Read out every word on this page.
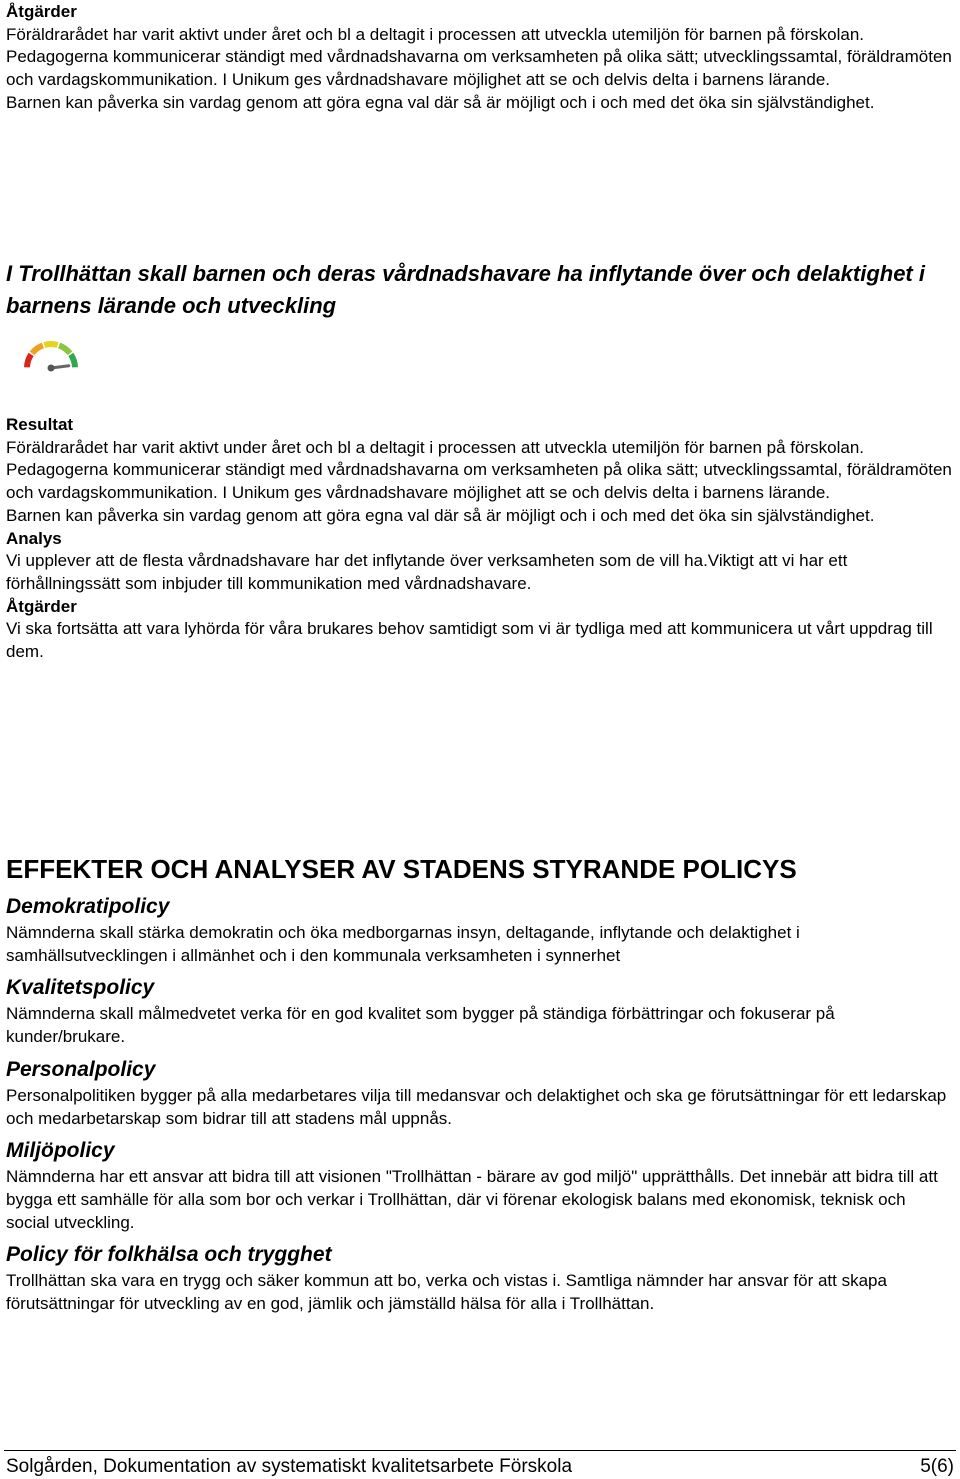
Åtgärder

Föräldrarådet har varit aktivt under året och bl a deltagit i processen att utveckla utemiljön för barnen på förskolan. Pedagogerna kommunicerar ständigt med vårdnadshavarna om verksamheten på olika sätt; utvecklingssamtal, föräldramöten och vardagskommunikation. I Unikum ges vårdnadshavare möjlighet att se och delvis delta i barnens lärande.

Barnen kan påverka sin vardag genom att göra egna val där så är möjligt och i och med det öka sin självständighet.

I Trollhättan skall barnen och deras vårdnadshavare ha inflytande över och delaktighet i barnens lärande och utveckling

Resultat

Föräldrarådet har varit aktivt under året och bl a deltagit i processen att utveckla utemiljön för barnen på förskolan. Pedagogerna kommunicerar ständigt med vårdnadshavarna om verksamheten på olika sätt; utvecklingssamtal, föräldramöten och vardagskommunikation. I Unikum ges vårdnadshavare möjlighet att se och delvis delta i barnens lärande.

Barnen kan påverka sin vardag genom att göra egna val där så är möjligt och i och med det öka sin självständighet.

Analys

Vi upplever att de flesta vårdnadshavare har det inflytande över verksamheten som de vill ha.Viktigt att vi har ett förhållningssätt som inbjuder till kommunikation med vårdnadshavare.

Åtgärder

Vi ska fortsätta att vara lyhörda för våra brukares behov samtidigt som vi är tydliga med att kommunicera ut vårt uppdrag till dem.

EFFEKTER OCH ANALYSER AV STADENS STYRANDE POLICYS
Demokratipolicy

Nämnderna skall stärka demokratin och öka medborgarnas insyn, deltagande, inflytande och delaktighet i samhällsutvecklingen i allmänhet och i den kommunala verksamheten i synnerhet

Kvalitetspolicy

Nämnderna skall målmedvetet verka för en god kvalitet som bygger på ständiga förbättringar och fokuserar på kunder/brukare.

Personalpolicy

Personalpolitiken bygger på alla medarbetares vilja till medansvar och delaktighet och ska ge förutsättningar för ett ledarskap och medarbetarskap som bidrar till att stadens mål uppnås.

Miljöpolicy

Nämnderna har ett ansvar att bidra till att visionen "Trollhättan - bärare av god miljö" upprätthålls. Det innebär att bidra till att bygga ett samhälle för alla som bor och verkar i Trollhättan, där vi förenar ekologisk balans med ekonomisk, teknisk och social utveckling.

Policy för folkhälsa och trygghet

Trollhättan ska vara en trygg och säker kommun att bo, verka och vistas i. Samtliga nämnder har ansvar för att skapa förutsättningar för utveckling av en god, jämlik och jämställd hälsa för alla i Trollhättan.

Solgården, Dokumentation av systematiskt kvalitetsarbete Förskola	5(6)
